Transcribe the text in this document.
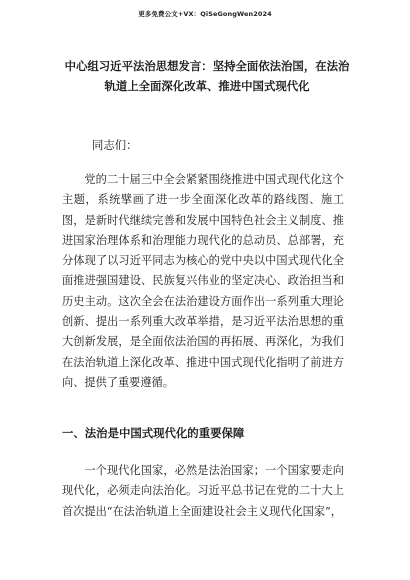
更多免费公文+VX：QiSeGongWen2024
中心组习近平法治思想发言：坚持全面依法治国，在法治轨道上全面深化改革、推进中国式现代化
同志们：

党的二十届三中全会紧紧围绕推进中国式现代化这个主题，系统擘画了进一步全面深化改革的路线图、施工图，是新时代继续完善和发展中国特色社会主义制度、推进国家治理体系和治理能力现代化的总动员、总部署，充分体现了以习近平同志为核心的党中央以中国式现代化全面推进强国建设、民族复兴伟业的坚定决心、政治担当和历史主动。这次全会在法治建设方面作出一系列重大理论创新、提出一系列重大改革举措，是习近平法治思想的重大创新发展，是全面依法治国的再拓展、再深化，为我们在法治轨道上深化改革、推进中国式现代化指明了前进方向、提供了重要遵循。

一、法治是中国式现代化的重要保障

一个现代化国家，必然是法治国家；一个国家要走向现代化，必须走向法治化。习近平总书记在党的二十大上首次提出“在法治轨道上全面建设社会主义现代化国家”，
